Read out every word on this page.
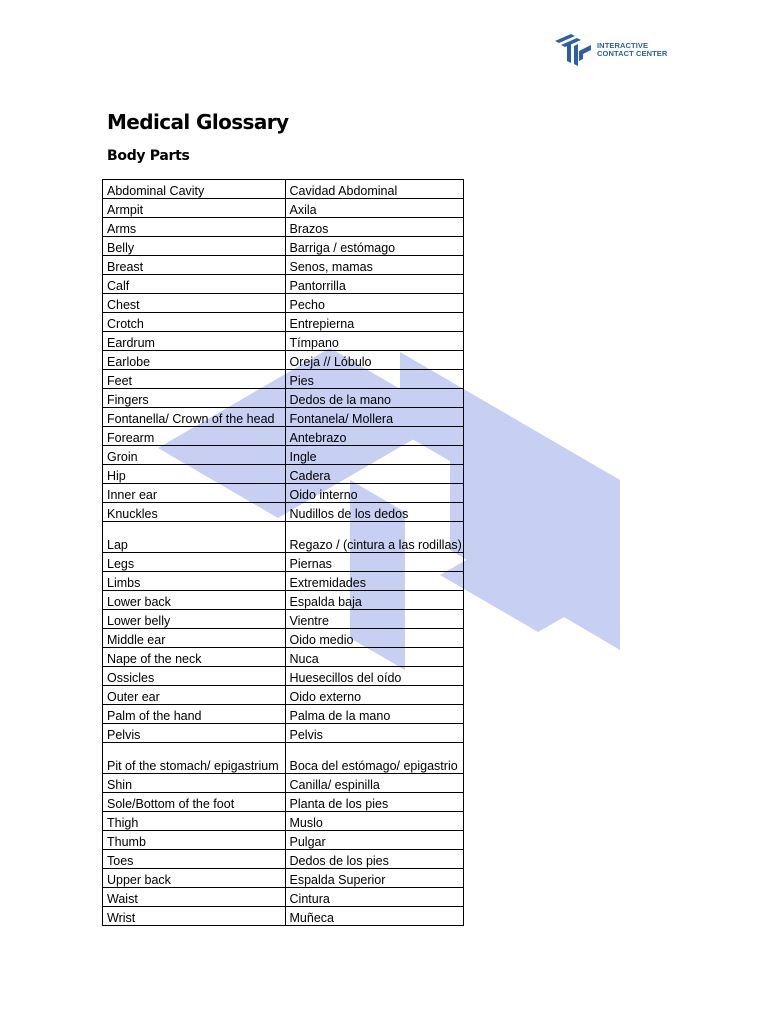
INTERACTIVE
CONTACT CENTER
Medical Glossary
Body Parts
Abdominal Cavity	Cavidad Abdominal
Armpit	Axila
Arms	Brazos
Belly	Barriga / estómago
Breast	Senos, mamas
Calf	Pantorrilla
Chest	Pecho
Crotch	Entrepierna
Eardrum	Tímpano
Earlobe	Oreja // Lóbulo
Feet	Pies
Fingers	Dedos de la mano
Fontanella/ Crown of the head	Fontanela/ Mollera
Forearm	Antebrazo
Groin	Ingle
Hip	Cadera
Inner ear	Oido interno
Knuckles	Nudillos de los dedos
Lap	Regazo / (cintura a las rodillas)
Legs	Piernas
Limbs	Extremidades
Lower back	Espalda baja
Lower belly	Vientre
Middle ear	Oido medio
Nape of the neck	Nuca
Ossicles	Huesecillos del oído
Outer ear	Oido externo
Palm of the hand	Palma de la mano
Pelvis	Pelvis
Pit of the stomach/ epigastrium	Boca del estómago/ epigastrio
Shin	Canilla/ espinilla
Sole/Bottom of the foot	Planta de los pies
Thigh	Muslo
Thumb	Pulgar
Toes	Dedos de los pies
Upper back	Espalda Superior
Waist	Cintura
Wrist	Muñeca
